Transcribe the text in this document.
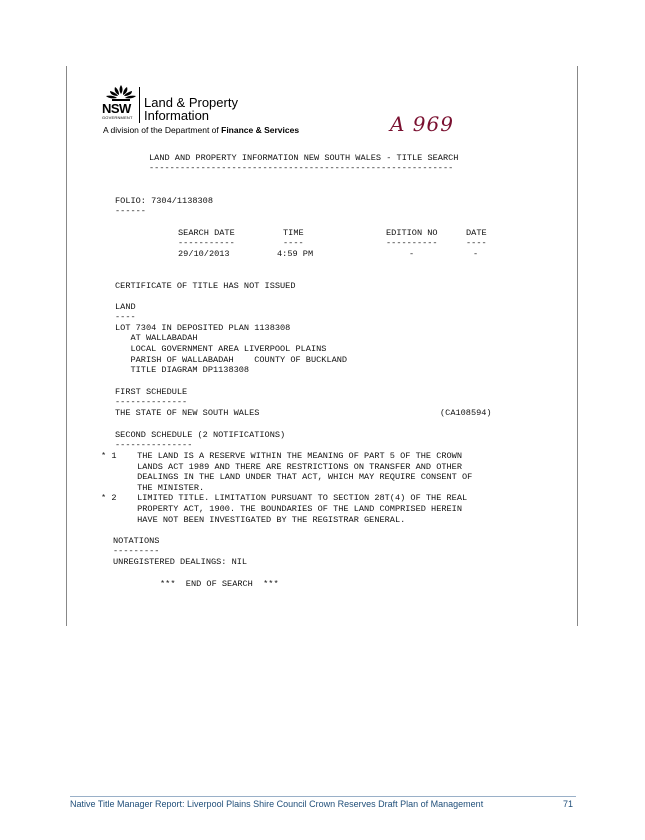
NSW
GOVERNMENT
Land & Property
Information
A division of the Department of Finance & Services	A 969
LAND AND PROPERTY INFORMATION NEW SOUTH WALES - TITLE SEARCH
-----------------------------------------------------------
FOLIO: 7304/1138308
------
SEARCH DATE	TIME	EDITION NO	DATE
-----------	----	----------	----
29/10/2013	4:59 PM	-	-
CERTIFICATE OF TITLE HAS NOT ISSUED
LAND
----
LOT 7304 IN DEPOSITED PLAN 1138308
AT WALLABADAH
LOCAL GOVERNMENT AREA LIVERPOOL PLAINS
PARISH OF WALLABADAH    COUNTY OF BUCKLAND
TITLE DIAGRAM DP1138308
FIRST SCHEDULE
--------------
THE STATE OF NEW SOUTH WALES	(CA108594)
SECOND SCHEDULE (2 NOTIFICATIONS)
---------------
* 1    THE LAND IS A RESERVE WITHIN THE MEANING OF PART 5 OF THE CROWN
LANDS ACT 1989 AND THERE ARE RESTRICTIONS ON TRANSFER AND OTHER
DEALINGS IN THE LAND UNDER THAT ACT, WHICH MAY REQUIRE CONSENT OF
THE MINISTER.
* 2    LIMITED TITLE. LIMITATION PURSUANT TO SECTION 28T(4) OF THE REAL
PROPERTY ACT, 1900. THE BOUNDARIES OF THE LAND COMPRISED HEREIN
HAVE NOT BEEN INVESTIGATED BY THE REGISTRAR GENERAL.
NOTATIONS
---------
UNREGISTERED DEALINGS: NIL
***  END OF SEARCH  ***
Native Title Manager Report: Liverpool Plains Shire Council Crown Reserves Draft Plan of Management	71
